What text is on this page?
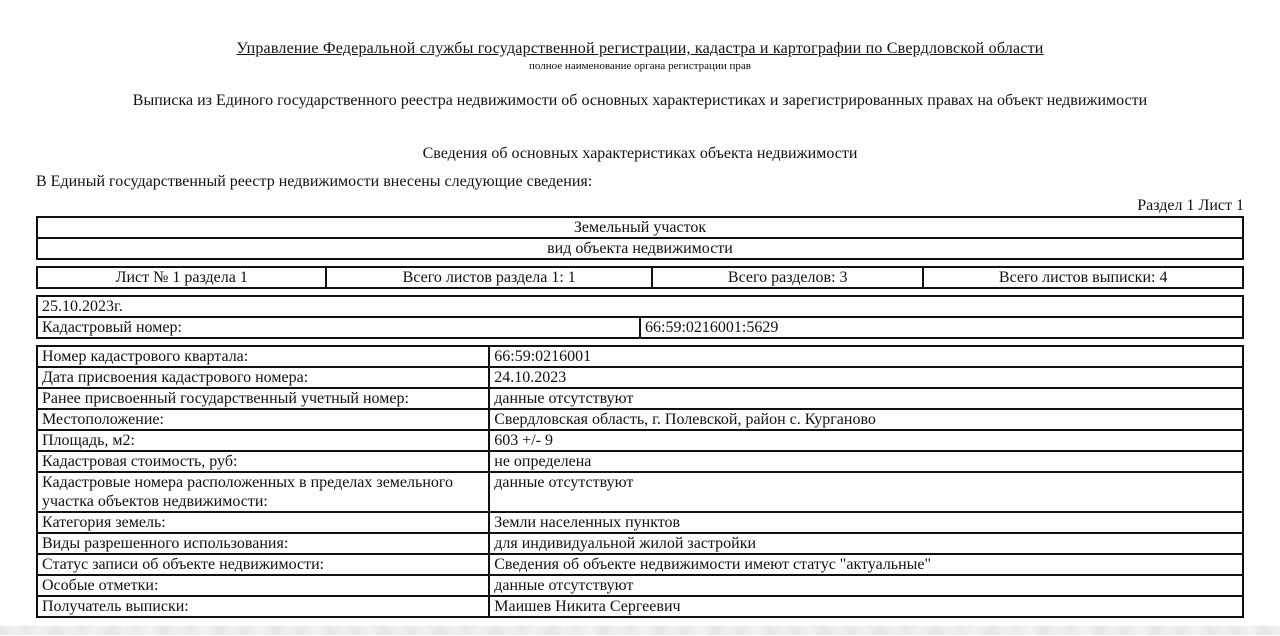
Управление Федеральной службы государственной регистрации, кадастра и картографии по Свердловской области
полное наименование органа регистрации прав
Выписка из Единого государственного реестра недвижимости об основных характеристиках и зарегистрированных правах на объект недвижимости
Сведения об основных характеристиках объекта недвижимости
В Единый государственный реестр недвижимости внесены следующие сведения:
Раздел 1 Лист 1
Земельный участок
вид объекта недвижимости
Лист № 1 раздела 1	Всего листов раздела 1: 1	Всего разделов: 3	Всего листов выписки: 4
25.10.2023г.
Кадастровый номер:	66:59:0216001:5629
Номер кадастрового квартала:	66:59:0216001
Дата присвоения кадастрового номера:	24.10.2023
Ранее присвоенный государственный учетный номер:	данные отсутствуют
Местоположение:	Свердловская область, г. Полевской, район с. Курганово
Площадь, м2:	603 +/- 9
Кадастровая стоимость, руб:	не определена
Кадастровые номера расположенных в пределах земельного участка объектов недвижимости:	данные отсутствуют
Категория земель:	Земли населенных пунктов
Виды разрешенного использования:	для индивидуальной жилой застройки
Статус записи об объекте недвижимости:	Сведения об объекте недвижимости имеют статус "актуальные"
Особые отметки:	данные отсутствуют
Получатель выписки:	Маишев Никита Сергеевич
